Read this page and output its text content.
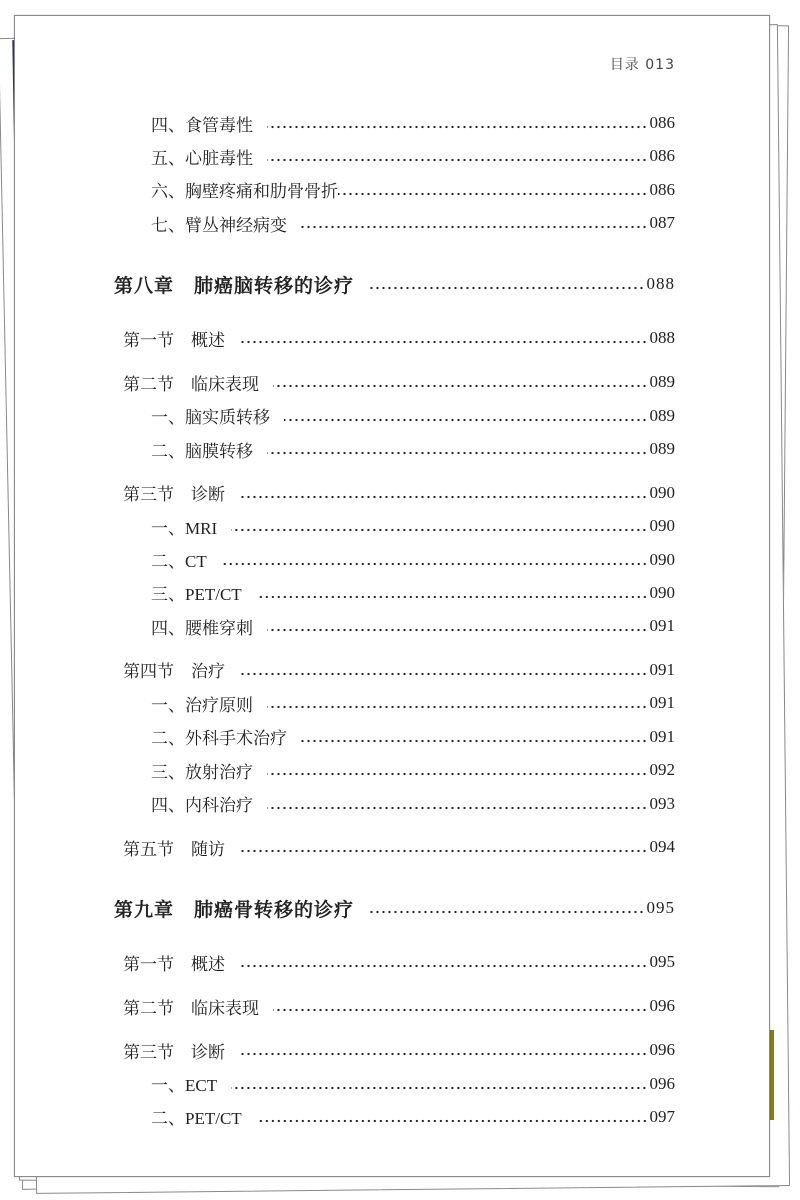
目录 013
四、食管毒性	086
五、心脏毒性	086
六、胸壁疼痛和肋骨骨折	086
七、臂丛神经病变	087
第八章　肺癌脑转移的诊疗	088
第一节　概述	088
第二节　临床表现	089
一、脑实质转移	089
二、脑膜转移	089
第三节　诊断	090
一、MRI	090
二、CT	090
三、PET/CT	090
四、腰椎穿刺	091
第四节　治疗	091
一、治疗原则	091
二、外科手术治疗	091
三、放射治疗	092
四、内科治疗	093
第五节　随访	094
第九章　肺癌骨转移的诊疗	095
第一节　概述	095
第二节　临床表现	096
第三节　诊断	096
一、ECT	096
二、PET/CT	097
